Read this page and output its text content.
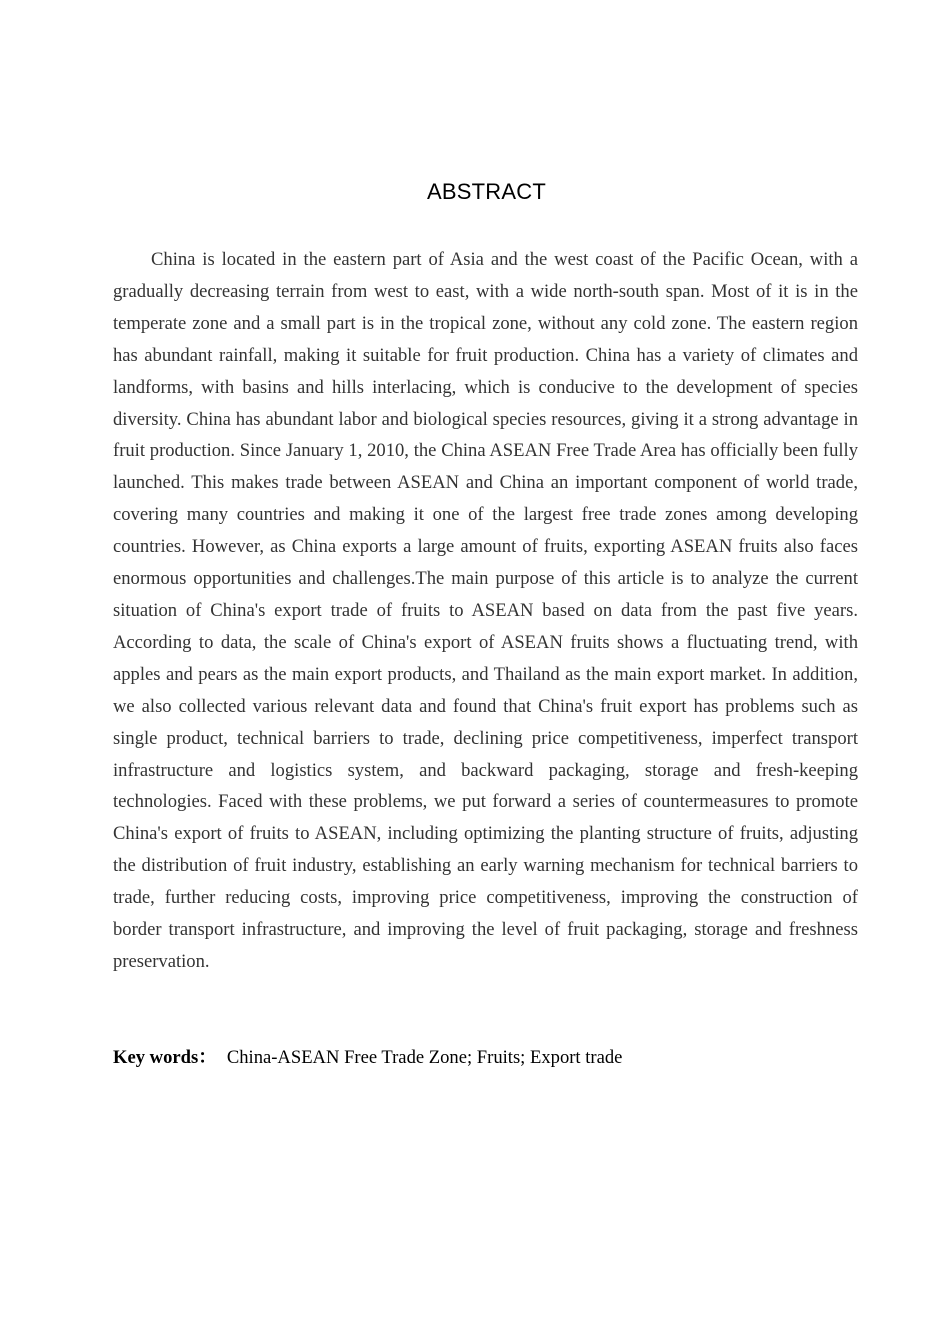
ABSTRACT

China is located in the eastern part of Asia and the west coast of the Pacific Ocean, with a gradually decreasing terrain from west to east, with a wide north-south span. Most of it is in the temperate zone and a small part is in the tropical zone, without any cold zone. The eastern region has abundant rainfall, making it suitable for fruit production. China has a variety of climates and landforms, with basins and hills interlacing, which is conducive to the development of species diversity. China has abundant labor and biological species resources, giving it a strong advantage in fruit production. Since January 1, 2010, the China ASEAN Free Trade Area has officially been fully launched. This makes trade between ASEAN and China an important component of world trade, covering many countries and making it one of the largest free trade zones among developing countries. However, as China exports a large amount of fruits, exporting ASEAN fruits also faces enormous opportunities and challenges.The main purpose of this article is to analyze the current situation of China's export trade of fruits to ASEAN based on data from the past five years. According to data, the scale of China's export of ASEAN fruits shows a fluctuating trend, with apples and pears as the main export products, and Thailand as the main export market. In addition, we also collected various relevant data and found that China's fruit export has problems such as single product, technical barriers to trade, declining price competitiveness, imperfect transport infrastructure and logistics system, and backward packaging, storage and fresh-keeping technologies. Faced with these problems, we put forward a series of countermeasures to promote China's export of fruits to ASEAN, including optimizing the planting structure of fruits, adjusting the distribution of fruit industry, establishing an early warning mechanism for technical barriers to trade, further reducing costs, improving price competitiveness, improving the construction of border transport infrastructure, and improving the level of fruit packaging, storage and freshness preservation.

Key words： China-ASEAN Free Trade Zone; Fruits; Export trade
